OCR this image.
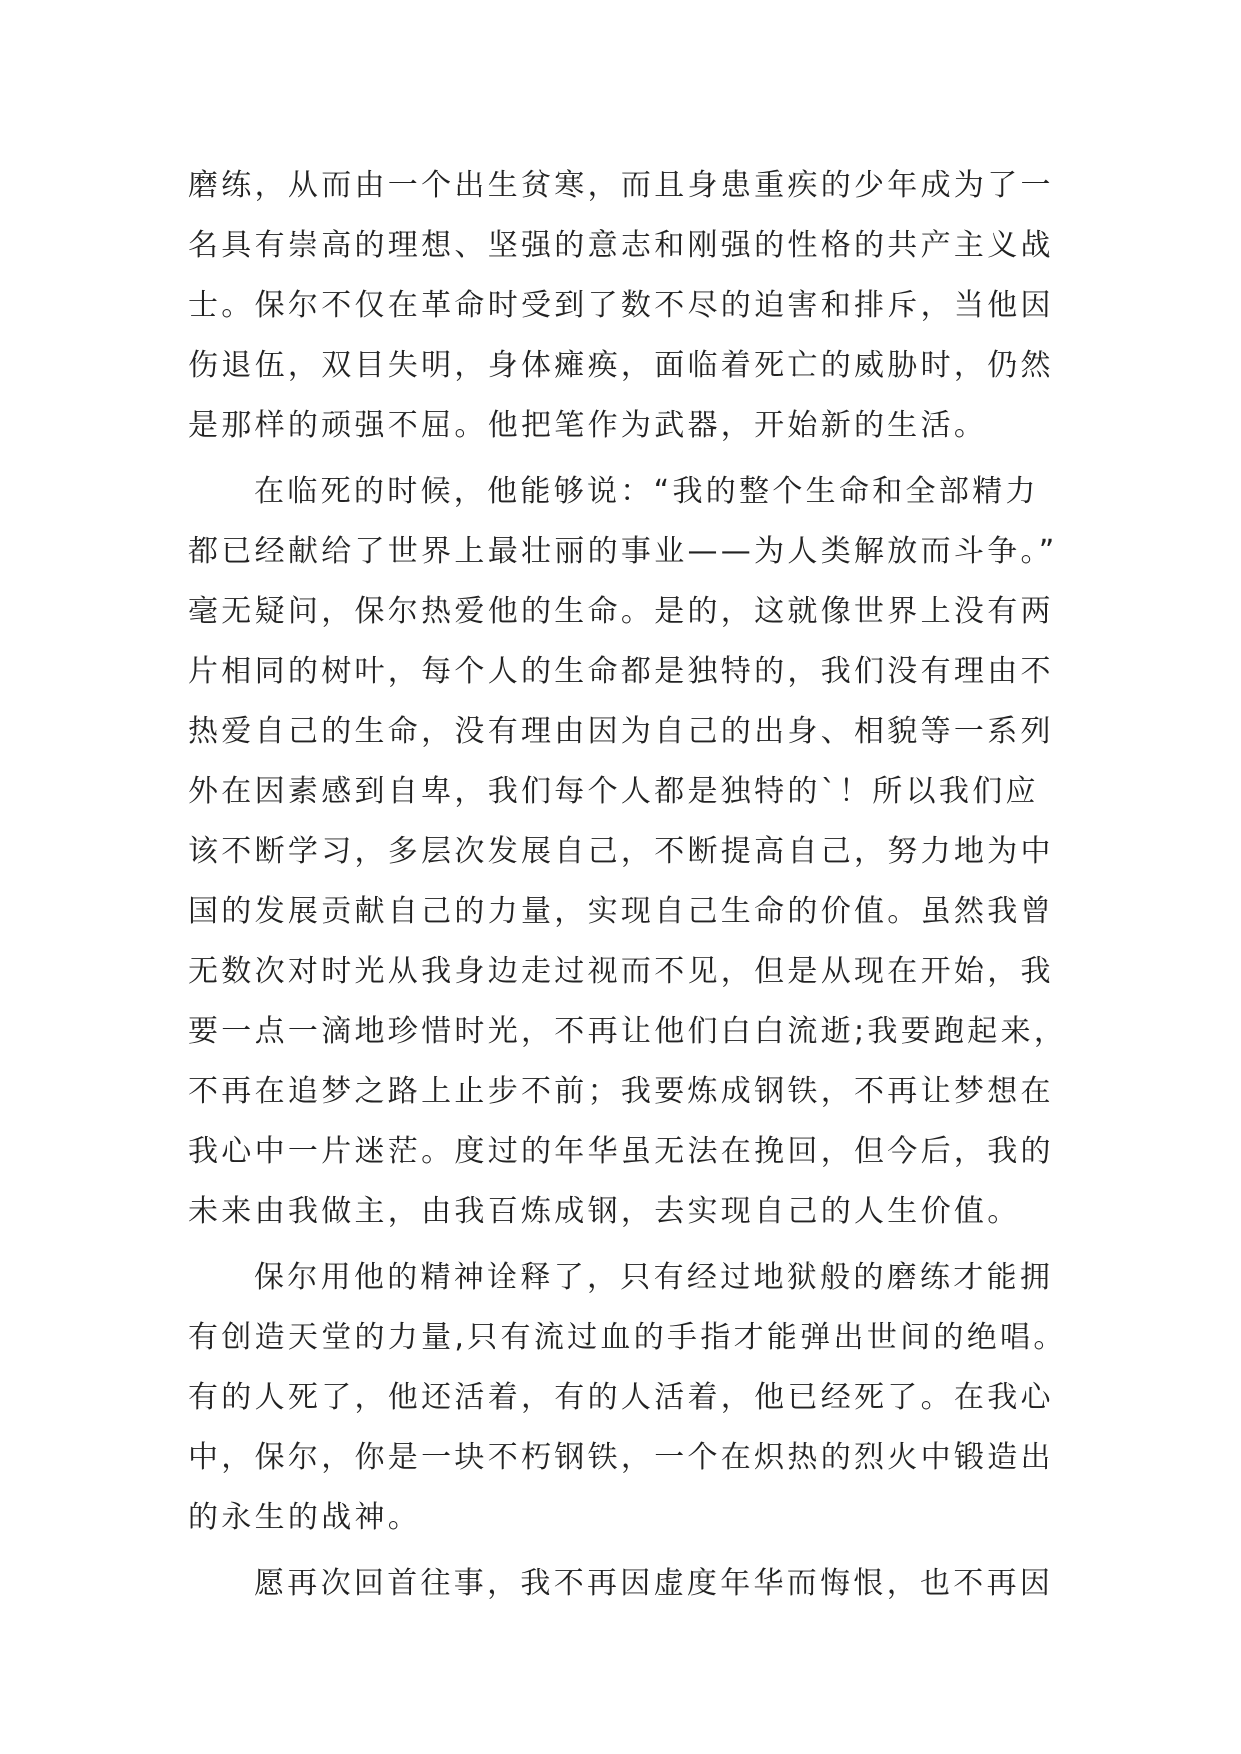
磨练，从而由一个出生贫寒，而且身患重疾的少年成为了一
名具有崇高的理想、坚强的意志和刚强的性格的共产主义战
士。保尔不仅在革命时受到了数不尽的迫害和排斥，当他因
伤退伍，双目失明，身体瘫痪，面临着死亡的威胁时，仍然
是那样的顽强不屈。他把笔作为武器，开始新的生活。
在临死的时候，他能够说：“我的整个生命和全部精力
都已经献给了世界上最壮丽的事业——为人类解放而斗争。”
毫无疑问，保尔热爱他的生命。是的，这就像世界上没有两
片相同的树叶，每个人的生命都是独特的，我们没有理由不
热爱自己的生命，没有理由因为自己的出身、相貌等一系列
外在因素感到自卑，我们每个人都是独特的`！所以我们应
该不断学习，多层次发展自己，不断提高自己，努力地为中
国的发展贡献自己的力量，实现自己生命的价值。虽然我曾
无数次对时光从我身边走过视而不见，但是从现在开始，我
要一点一滴地珍惜时光，不再让他们白白流逝;我要跑起来，
不再在追梦之路上止步不前；我要炼成钢铁，不再让梦想在
我心中一片迷茫。度过的年华虽无法在挽回，但今后，我的
未来由我做主，由我百炼成钢，去实现自己的人生价值。
保尔用他的精神诠释了，只有经过地狱般的磨练才能拥
有创造天堂的力量,只有流过血的手指才能弹出世间的绝唱。
有的人死了，他还活着，有的人活着，他已经死了。在我心
中，保尔，你是一块不朽钢铁，一个在炽热的烈火中锻造出
的永生的战神。
愿再次回首往事，我不再因虚度年华而悔恨，也不再因
